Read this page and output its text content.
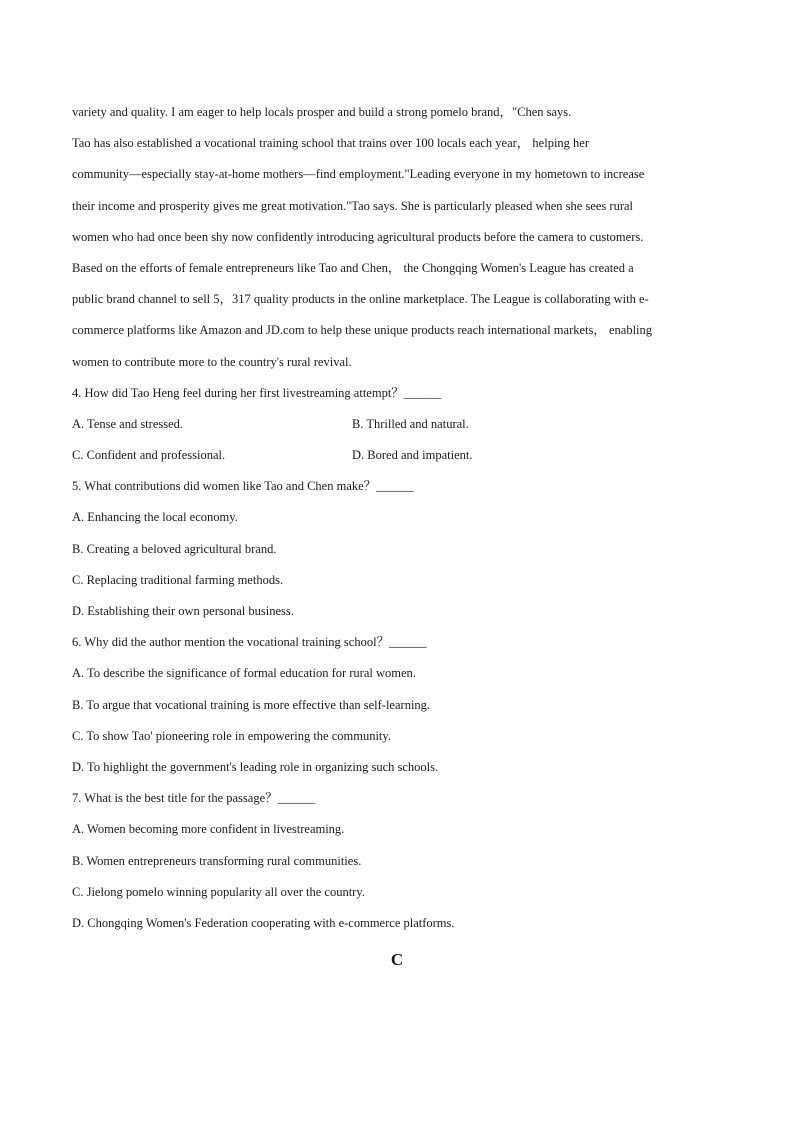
variety and quality. I am eager to help locals prosper and build a strong pomelo brand，"Chen says.
Tao has also established a vocational training school that trains over 100 locals each year， helping her
community—especially stay-at-home mothers—find employment."Leading everyone in my hometown to increase
their income and prosperity gives me great motivation."Tao says. She is particularly pleased when she sees rural
women who had once been shy now confidently introducing agricultural products before the camera to customers.
Based on the efforts of female entrepreneurs like Tao and Chen， the Chongqing Women's League has created a
public brand channel to sell 5，317 quality products in the online marketplace. The League is collaborating with e-
commerce platforms like Amazon and JD.com to help these unique products reach international markets， enabling
women to contribute more to the country's rural revival.
4. How did Tao Heng feel during her first livestreaming attempt？______
A. Tense and stressed.	B. Thrilled and natural.
C. Confident and professional.	D. Bored and impatient.
5. What contributions did women like Tao and Chen make？______
A. Enhancing the local economy.
B. Creating a beloved agricultural brand.
C. Replacing traditional farming methods.
D. Establishing their own personal business.
6. Why did the author mention the vocational training school？______
A. To describe the significance of formal education for rural women.
B. To argue that vocational training is more effective than self-learning.
C. To show Tao' pioneering role in empowering the community.
D. To highlight the government's leading role in organizing such schools.
7. What is the best title for the passage？______
A. Women becoming more confident in livestreaming.
B. Women entrepreneurs transforming rural communities.
C. Jielong pomelo winning popularity all over the country.
D. Chongqing Women's Federation cooperating with e-commerce platforms.
C
